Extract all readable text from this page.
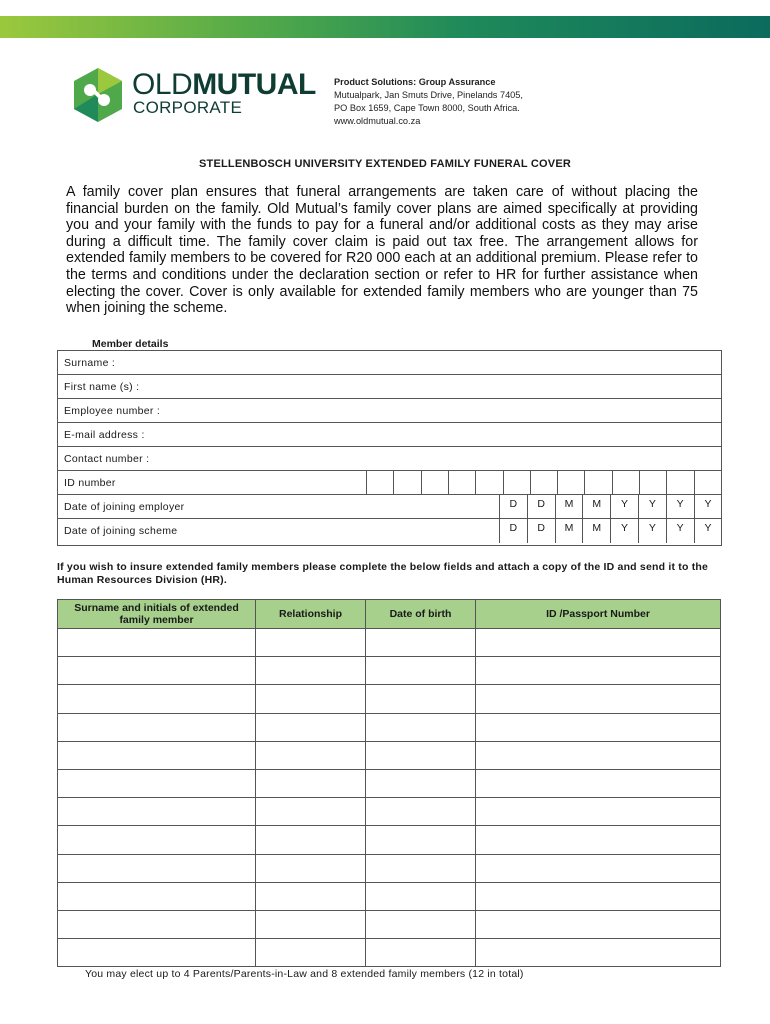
OLDMUTUAL
CORPORATE
Product Solutions: Group Assurance
Mutualpark, Jan Smuts Drive, Pinelands 7405,
PO Box 1659, Cape Town 8000, South Africa.
www.oldmutual.co.za
STELLENBOSCH UNIVERSITY EXTENDED FAMILY FUNERAL COVER
A family cover plan ensures that funeral arrangements are taken care of without placing the financial burden on the family. Old Mutual’s family cover plans are aimed specifically at providing you and your family with the funds to pay for a funeral and/or additional costs as they may arise during a difficult time. The family cover claim is paid out tax free. The arrangement allows for extended family members to be covered for R20 000 each at an additional premium. Please refer to the terms and conditions under the declaration section or refer to HR for further assistance when electing the cover. Cover is only available for extended family members who are younger than 75 when joining the scheme.
Member details
Surname :
First name (s) :
Employee number :
E-mail address :
Contact number :
ID number
Date of joining employer	D	D	M	M	Y	Y	Y	Y
Date of joining scheme	D	D	M	M	Y	Y	Y	Y
If you wish to insure extended family members please complete the below fields and attach a copy of the ID and send it to the Human Resources Division (HR).
Surname and initials of extended family member	Relationship	Date of birth	ID /Passport Number

You may elect up to 4 Parents/Parents-in-Law and 8 extended family members (12 in total)
